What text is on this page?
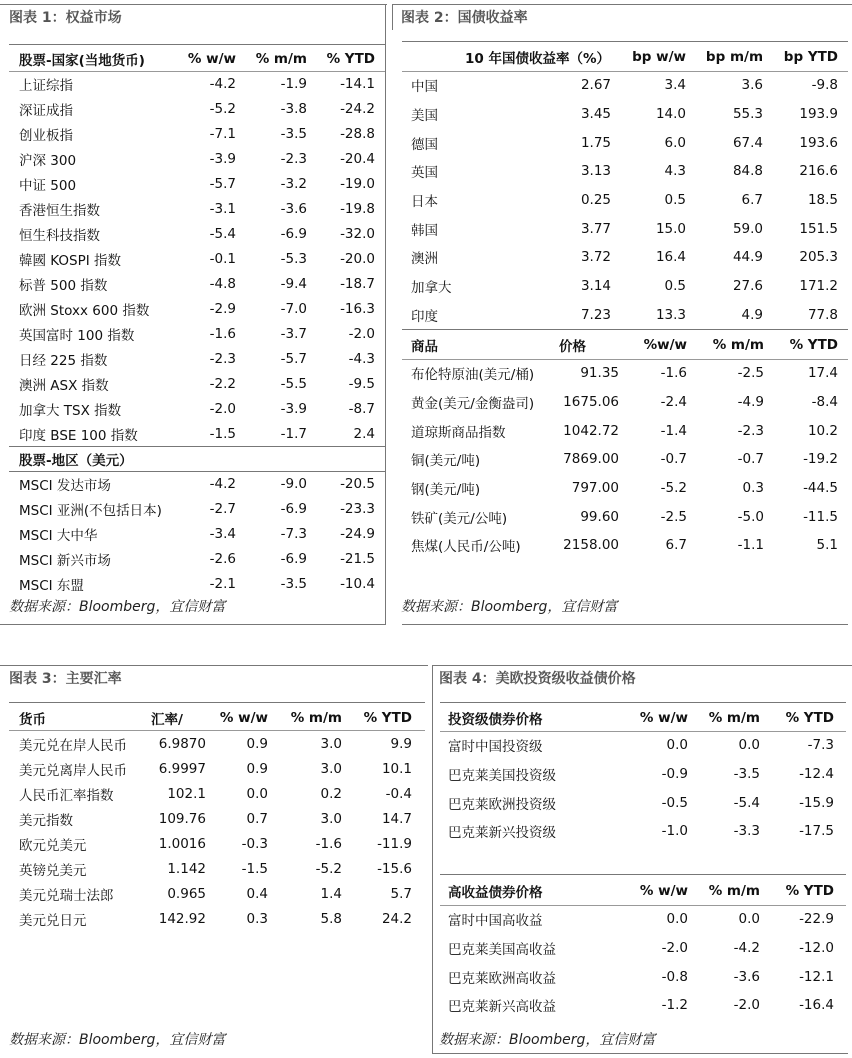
图表 1：权益市场
股票-国家(当地货币)	% w/w	% m/m	% YTD
上证综指	-4.2	-1.9	-14.1
深证成指	-5.2	-3.8	-24.2
创业板指	-7.1	-3.5	-28.8
沪深 300	-3.9	-2.3	-20.4
中证 500	-5.7	-3.2	-19.0
香港恒生指数	-3.1	-3.6	-19.8
恒生科技指数	-5.4	-6.9	-32.0
韓國 KOSPI 指数	-0.1	-5.3	-20.0
标普 500 指数	-4.8	-9.4	-18.7
欧洲 Stoxx 600 指数	-2.9	-7.0	-16.3
英国富时 100 指数	-1.6	-3.7	-2.0
日经 225 指数	-2.3	-5.7	-4.3
澳洲 ASX 指数	-2.2	-5.5	-9.5
加拿大 TSX 指数	-2.0	-3.9	-8.7
印度 BSE 100 指数	-1.5	-1.7	2.4
股票-地区（美元）			
MSCI 发达市场	-4.2	-9.0	-20.5
MSCI 亚洲(不包括日本)	-2.7	-6.9	-23.3
MSCI 大中华	-3.4	-7.3	-24.9
MSCI 新兴市场	-2.6	-6.9	-21.5
MSCI 东盟	-2.1	-3.5	-10.4
数据来源：Bloomberg，宜信财富
图表 2：国债收益率
10 年国债收益率（%）		bp w/w	bp m/m	bp YTD
中国	2.67	3.4	3.6	-9.8
美国	3.45	14.0	55.3	193.9
德国	1.75	6.0	67.4	193.6
英国	3.13	4.3	84.8	216.6
日本	0.25	0.5	6.7	18.5
韩国	3.77	15.0	59.0	151.5
澳洲	3.72	16.4	44.9	205.3
加拿大	3.14	0.5	27.6	171.2
印度	7.23	13.3	4.9	77.8
商品	价格	%w/w	% m/m	% YTD
布伦特原油(美元/桶)	91.35	-1.6	-2.5	17.4
黄金(美元/金衡盎司)	1675.06	-2.4	-4.9	-8.4
道琼斯商品指数	1042.72	-1.4	-2.3	10.2
铜(美元/吨)	7869.00	-0.7	-0.7	-19.2
钢(美元/吨)	797.00	-5.2	0.3	-44.5
铁矿(美元/公吨)	99.60	-2.5	-5.0	-11.5
焦煤(人民币/公吨)	2158.00	6.7	-1.1	5.1
数据来源：Bloomberg，宜信财富
图表 3：主要汇率
货币	汇率/	% w/w	% m/m	% YTD
美元兑在岸人民币	6.9870	0.9	3.0	9.9
美元兑离岸人民币	6.9997	0.9	3.0	10.1
人民币汇率指数	102.1	0.0	0.2	-0.4
美元指数	109.76	0.7	3.0	14.7
欧元兑美元	1.0016	-0.3	-1.6	-11.9
英镑兑美元	1.142	-1.5	-5.2	-15.6
美元兑瑞士法郎	0.965	0.4	1.4	5.7
美元兑日元	142.92	0.3	5.8	24.2
数据来源：Bloomberg，宜信财富
图表 4：美欧投资级收益债价格
投资级债券价格	% w/w	% m/m	% YTD
富时中国投资级	0.0	0.0	-7.3
巴克莱美国投资级	-0.9	-3.5	-12.4
巴克莱欧洲投资级	-0.5	-5.4	-15.9
巴克莱新兴投资级	-1.0	-3.3	-17.5
高收益债券价格	% w/w	% m/m	% YTD
富时中国高收益	0.0	0.0	-22.9
巴克莱美国高收益	-2.0	-4.2	-12.0
巴克莱欧洲高收益	-0.8	-3.6	-12.1
巴克莱新兴高收益	-1.2	-2.0	-16.4
数据来源：Bloomberg，宜信财富
